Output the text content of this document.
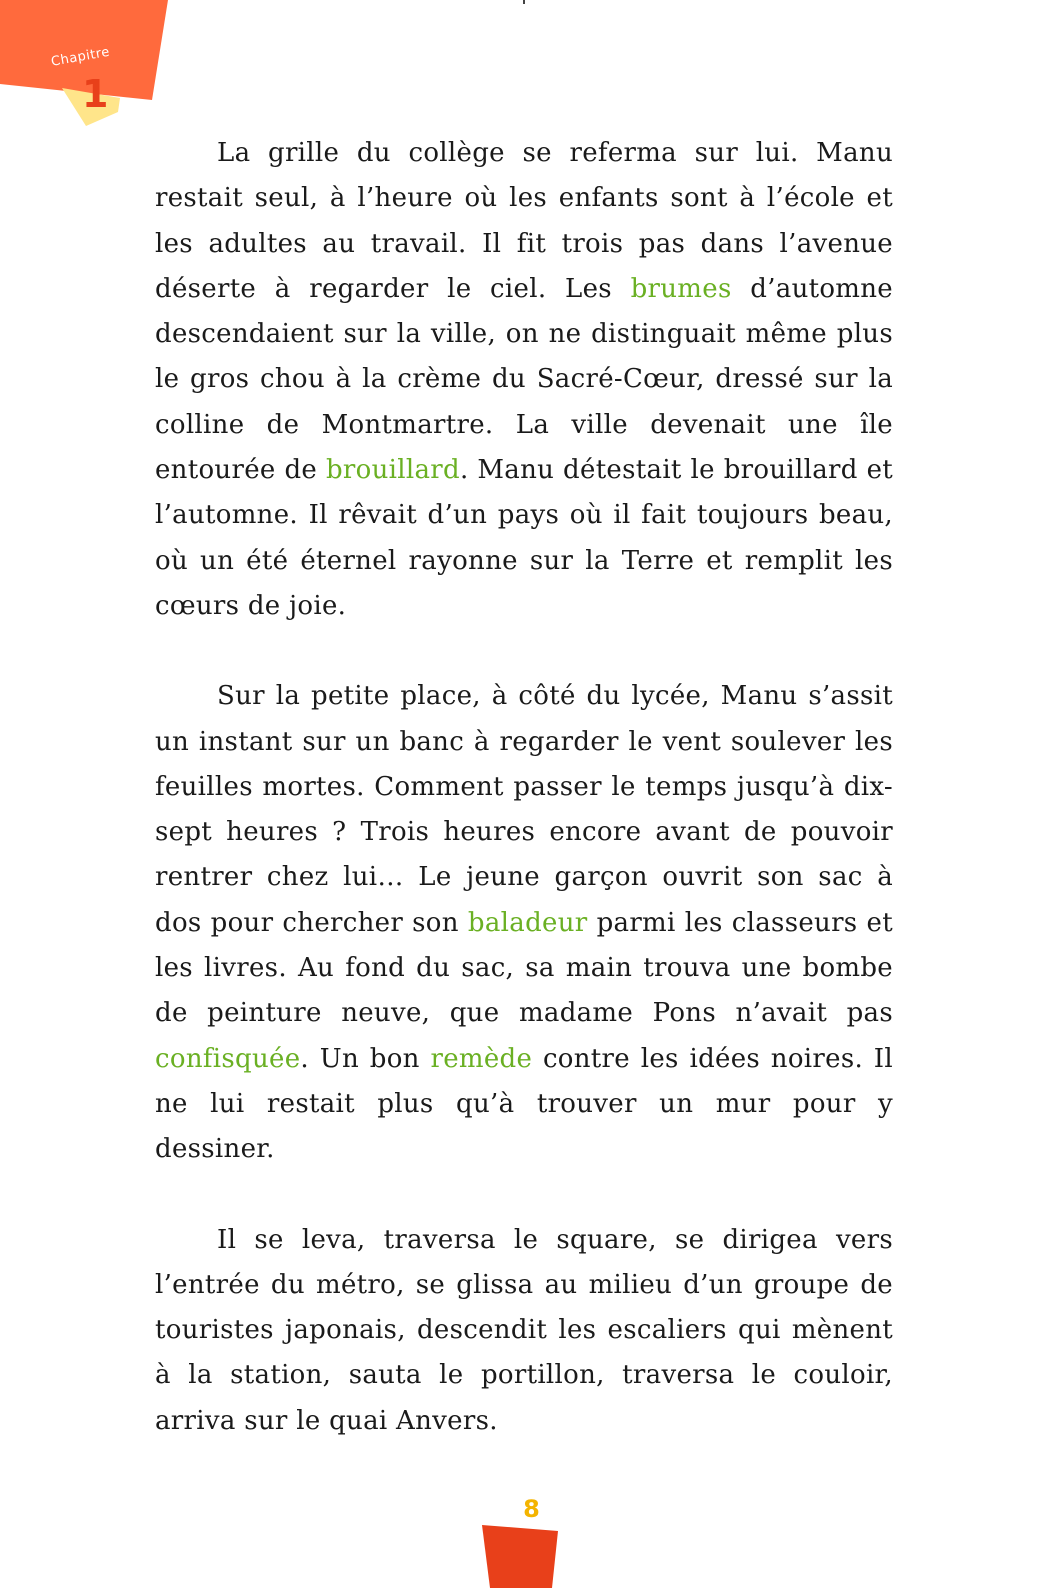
Chapitre
1

La grille du collège se referma sur lui. Manu restait seul, à l’heure où les enfants sont à l’école et les adultes au travail. Il fit trois pas dans l’avenue déserte à regarder le ciel. Les brumes d’automne descendaient sur la ville, on ne distinguait même plus le gros chou à la crème du Sacré-Cœur, dressé sur la colline de Montmartre. La ville devenait une île entourée de brouillard. Manu détestait le brouillard et l’automne. Il rêvait d’un pays où il fait toujours beau, où un été éternel rayonne sur la Terre et remplit les cœurs de joie.

Sur la petite place, à côté du lycée, Manu s’assit un instant sur un banc à regarder le vent soulever les feuilles mortes. Comment passer le temps jusqu’à dix-sept heures ? Trois heures encore avant de pouvoir rentrer chez lui… Le jeune garçon ouvrit son sac à dos pour chercher son baladeur parmi les classeurs et les livres. Au fond du sac, sa main trouva une bombe de peinture neuve, que madame Pons n’avait pas confisquée. Un bon remède contre les idées noires. Il ne lui restait plus qu’à trouver un mur pour y dessiner.

Il se leva, traversa le square, se dirigea vers l’entrée du métro, se glissa au milieu d’un groupe de touristes japonais, descendit les escaliers qui mènent à la station, sauta le portillon, traversa le couloir, arriva sur le quai Anvers.

8
